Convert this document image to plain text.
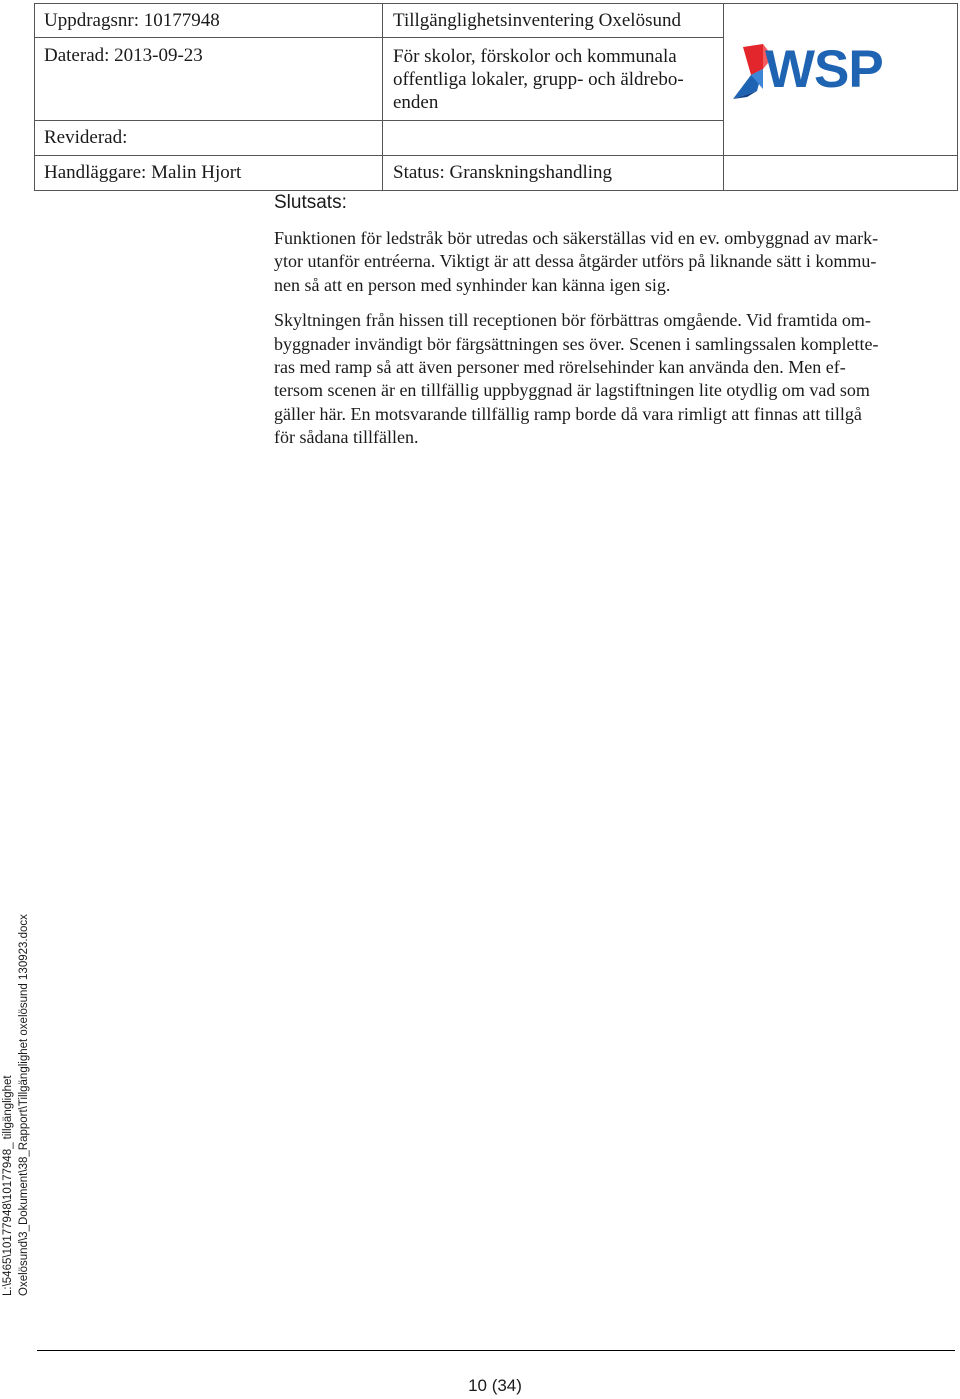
Uppdragsnr: 10177948
Daterad: 2013-09-23
Reviderad:
Handläggare: Malin Hjort
Tillgänglighetsinventering Oxelösund
För skolor, förskolor och kommunala
offentliga lokaler, grupp- och äldrebo-
enden
Status: Granskningshandling
WSP
Slutsats:

Funktionen för ledstråk bör utredas och säkerställas vid en ev. ombyggnad av mark-
ytor utanför entréerna. Viktigt är att dessa åtgärder utförs på liknande sätt i kommu-
nen så att en person med synhinder kan känna igen sig.

Skyltningen från hissen till receptionen bör förbättras omgående. Vid framtida om-
byggnader invändigt bör färgsättningen ses över. Scenen i samlingssalen komplette-
ras med ramp så att även personer med rörelsehinder kan använda den. Men ef-
tersom scenen är en tillfällig uppbyggnad är lagstiftningen lite otydlig om vad som
gäller här. En motsvarande tillfällig ramp borde då vara rimligt att finnas att tillgå
för sådana tillfällen.

L:\5465\10177948\10177948_ tillgänglighet Oxelösund\3_Dokument\38_Rapport\Tillgänglighet oxelösund 130923.docx
10 (34)
